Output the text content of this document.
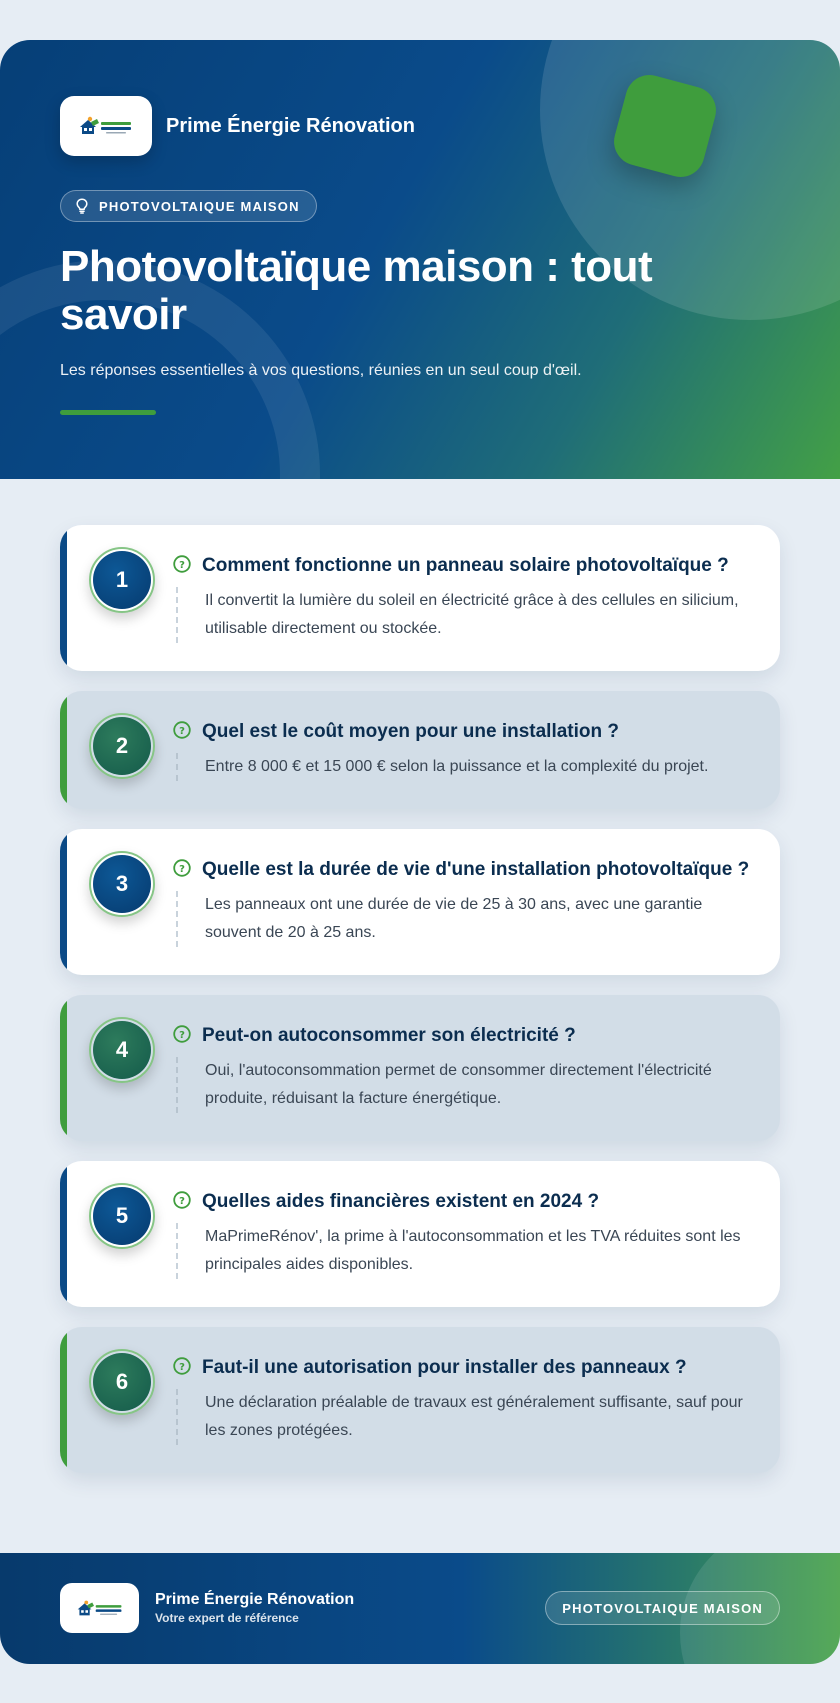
Prime Énergie Rénovation
PHOTOVOLTAIQUE MAISON
Photovoltaïque maison : tout savoir

Les réponses essentielles à vos questions, réunies en un seul coup d'œil.

1
? Comment fonctionne un panneau solaire photovoltaïque ?

Il convertit la lumière du soleil en électricité grâce à des cellules en silicium, utilisable directement ou stockée.

2
? Quel est le coût moyen pour une installation ?

Entre 8 000 € et 15 000 € selon la puissance et la complexité du projet.

3
? Quelle est la durée de vie d'une installation photovoltaïque ?

Les panneaux ont une durée de vie de 25 à 30 ans, avec une garantie souvent de 20 à 25 ans.

4
? Peut-on autoconsommer son électricité ?

Oui, l'autoconsommation permet de consommer directement l'électricité produite, réduisant la facture énergétique.

5
? Quelles aides financières existent en 2024 ?

MaPrimeRénov', la prime à l'autoconsommation et les TVA réduites sont les principales aides disponibles.

6
? Faut-il une autorisation pour installer des panneaux ?

Une déclaration préalable de travaux est généralement suffisante, sauf pour les zones protégées.

Prime Énergie Rénovation
Votre expert de référence
PHOTOVOLTAIQUE MAISON
